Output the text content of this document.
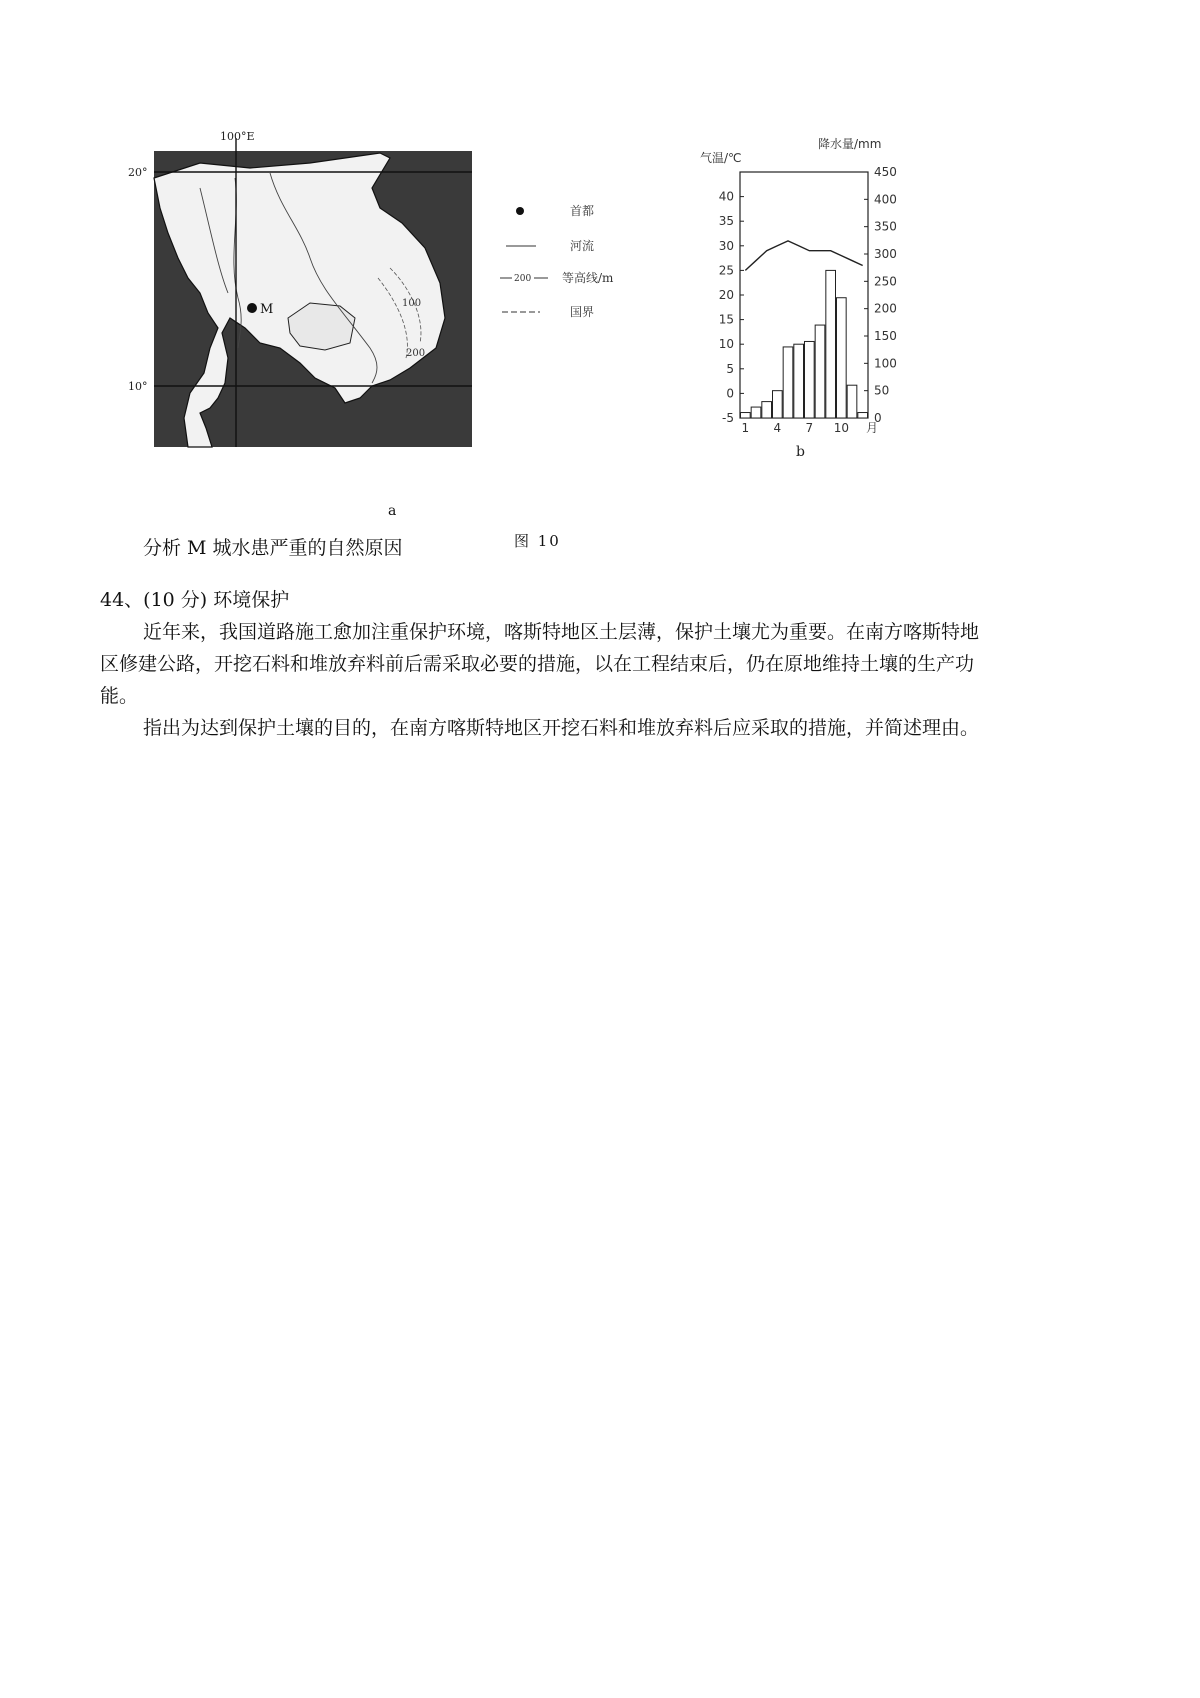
M
100°E
20°
10°
100
200
a
首都
河流
200	等高线/m
国界
气温/℃
降水量/mm
40
35
30
25
20
15
10
5
0
-5
450
400
350
300
250
200
150
100
50
0
1 4 7 10 月
b
图 10
分析 M 城水患严重的自然原因
44、(10 分) 环境保护
近年来，我国道路施工愈加注重保护环境，喀斯特地区土层薄，保护土壤尤为重要。在南方喀斯特地
区修建公路，开挖石料和堆放弃料前后需采取必要的措施，以在工程结束后，仍在原地维持土壤的生产功
能。
指出为达到保护土壤的目的，在南方喀斯特地区开挖石料和堆放弃料后应采取的措施，并简述理由。
